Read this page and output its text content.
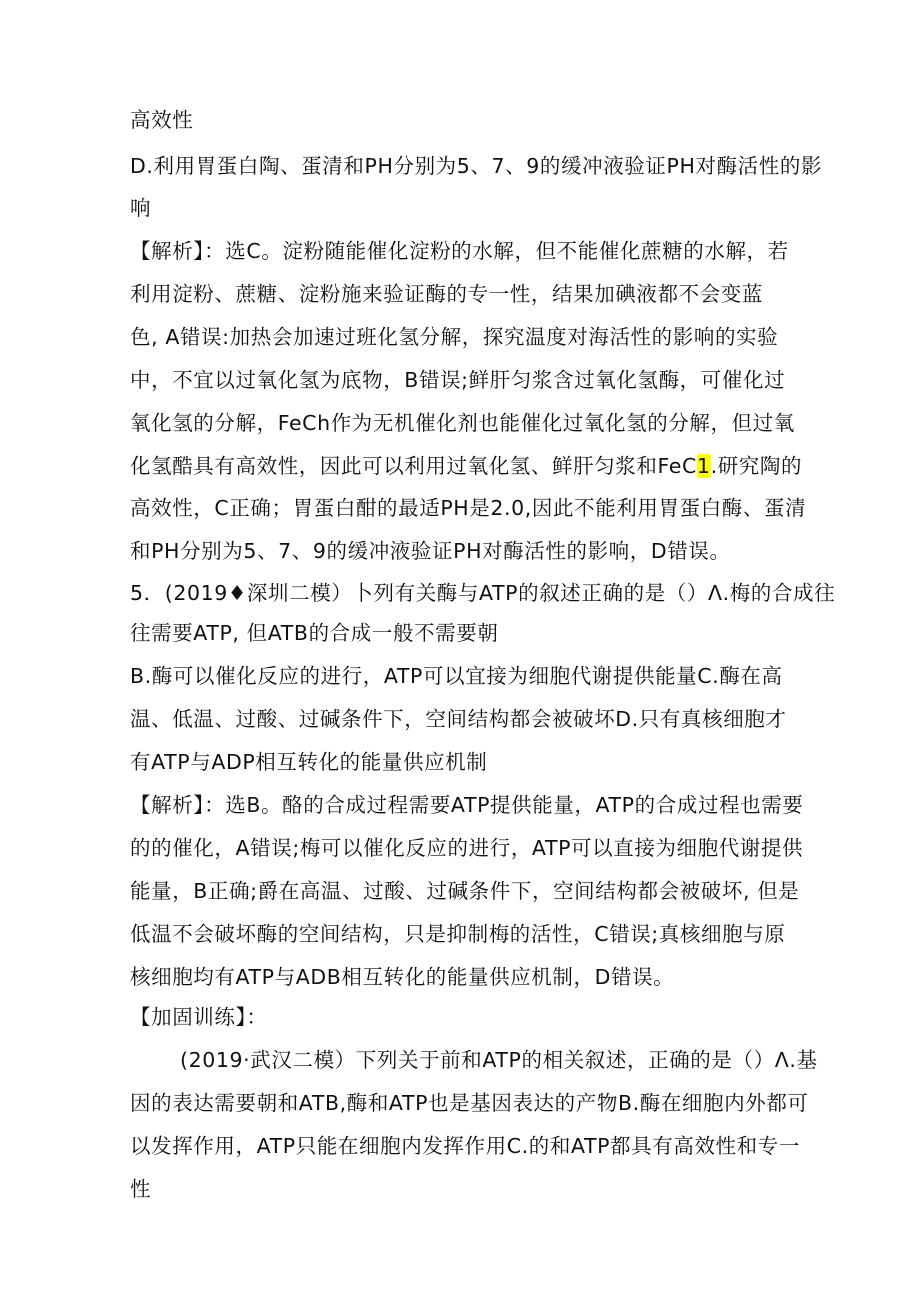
高效性
D.利用胃蛋白陶、蛋清和PH分别为5、7、9的缓冲液验证PH对酶活性的影
响
【解析】：选C。淀粉随能催化淀粉的水解，但不能催化蔗糖的水解，若
利用淀粉、蔗糖、淀粉施来验证酶的专一性，结果加碘液都不会变蓝
色, A错误:加热会加速过班化氢分解，探究温度对海活性的影响的实验
中，不宜以过氧化氢为底物，B错误;鲜肝匀浆含过氧化氢酶，可催化过
氧化氢的分解，FeCh作为无机催化剂也能催化过氧化氢的分解，但过氧
化氢酷具有高效性，因此可以利用过氧化氢、鲜肝匀浆和FeC1.研究陶的
高效性，C正确；胃蛋白酣的最适PH是2.0,因此不能利用胃蛋白酶、蛋清
和PH分别为5、7、9的缓冲液验证PH对酶活性的影响，D错误。
5．(2019♦深圳二模）卜列有关酶与ATP的叙述正确的是（）Λ.梅的合成往
往需要ATP, 但ATB的合成一般不需要朝
B.酶可以催化反应的进行，ATP可以宜接为细胞代谢提供能量C.酶在高
温、低温、过酸、过碱条件下，空间结构都会被破坏D.只有真核细胞才
有ATP与ADP相互转化的能量供应机制
【解析】：选B。酪的合成过程需要ATP提供能量，ATP的合成过程也需要
的的催化，A错误;梅可以催化反应的进行，ATP可以直接为细胞代谢提供
能量，B正确;爵在高温、过酸、过碱条件下，空间结构都会被破坏, 但是
低温不会破坏酶的空间结构，只是抑制梅的活性，C错误;真核细胞与原
核细胞均有ATP与ADB相互转化的能量供应机制，D错误。
【加固训练】：
(2019·武汉二模）下列关于前和ATP的相关叙述，正确的是（）Λ.基
因的表达需要朝和ATB,酶和ATP也是基因表达的产物B.酶在细胞内外都可
以发挥作用，ATP只能在细胞内发挥作用C.的和ATP都具有高效性和专一
性
